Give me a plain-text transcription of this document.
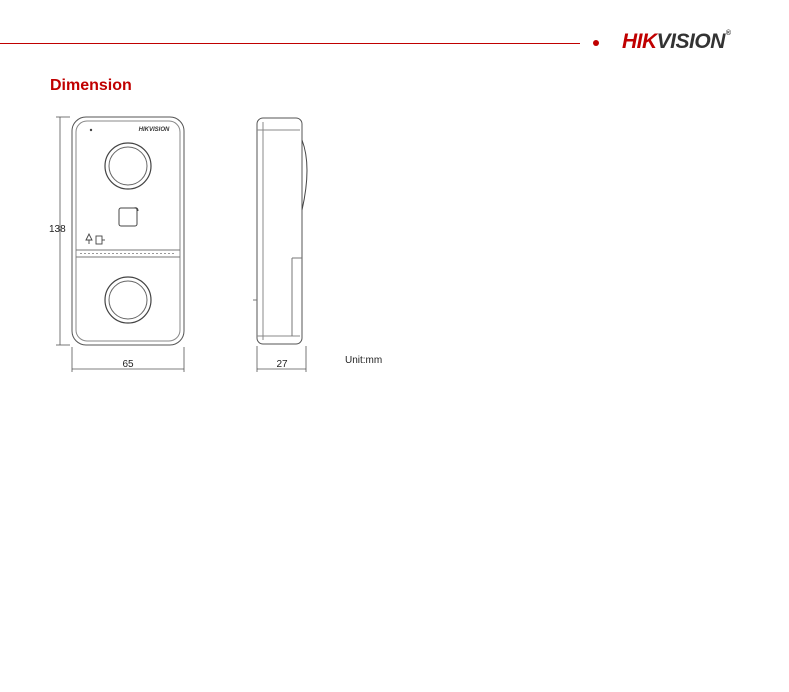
HIKVISION®
Dimension
HIKVISION
138
65	27	Unit:mm
